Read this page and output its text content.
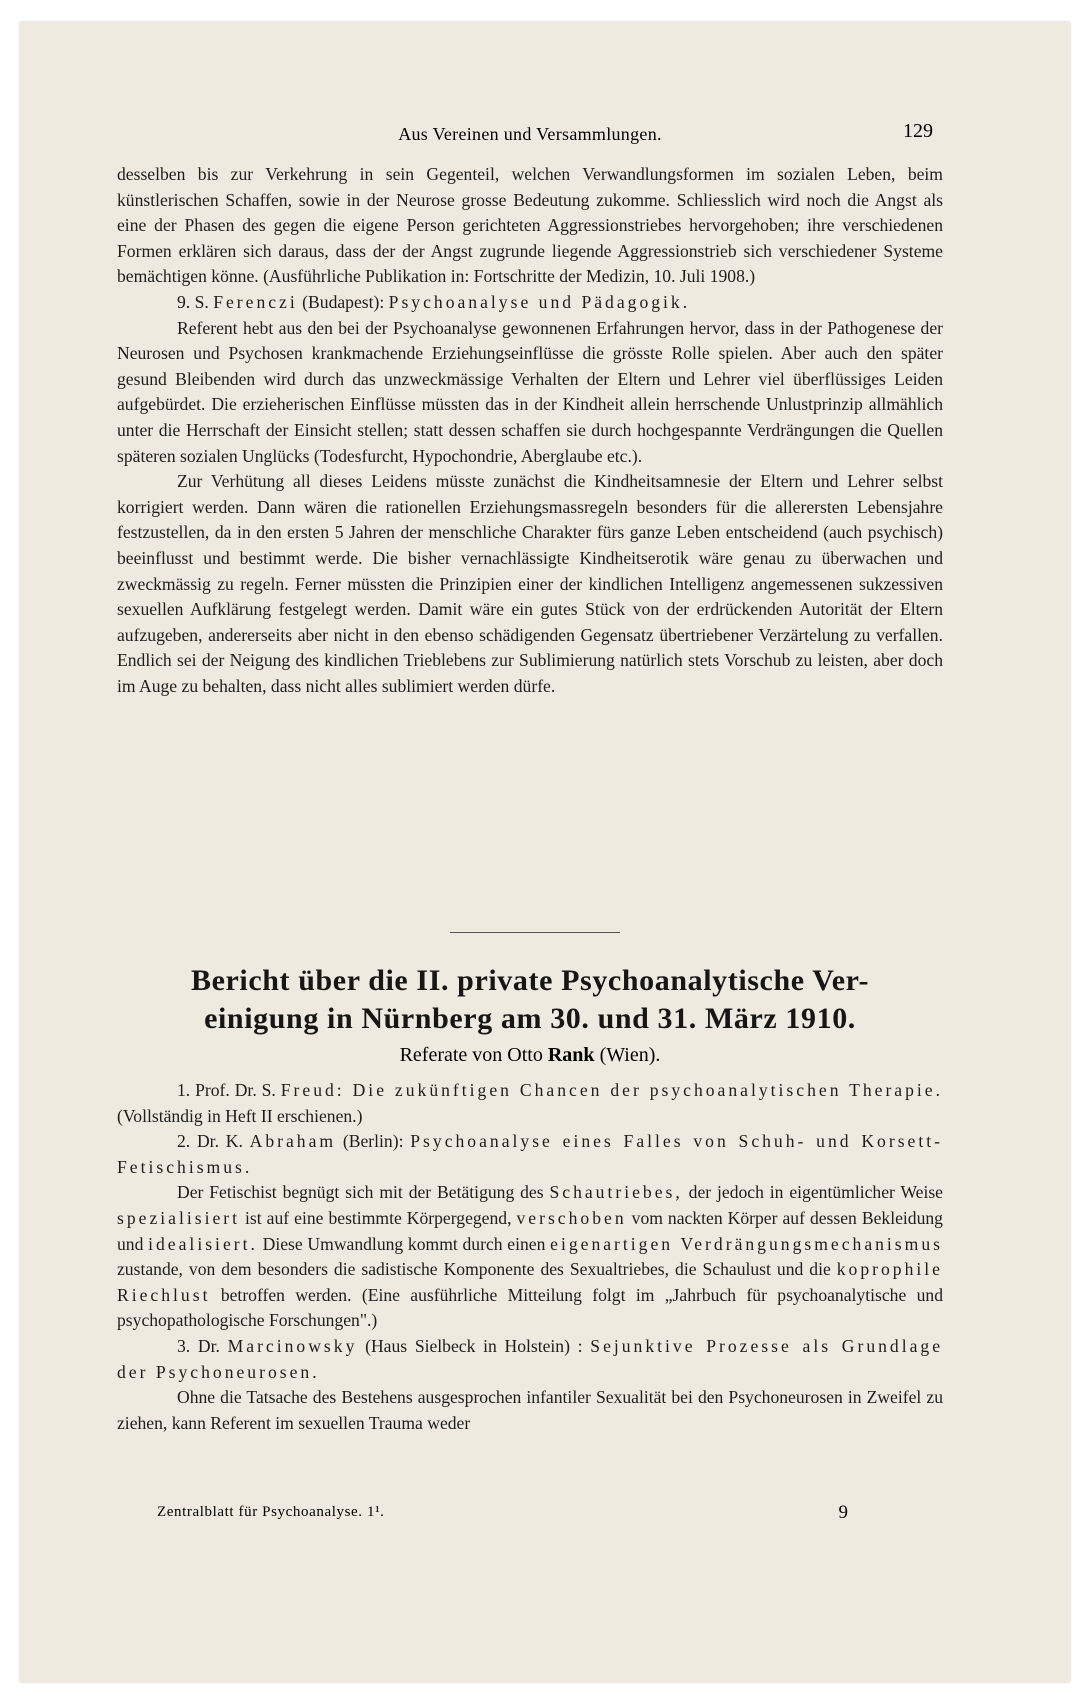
Aus Vereinen und Versammlungen.	129

desselben bis zur Verkehrung in sein Gegenteil, welchen Verwandlungsformen im sozialen Leben, beim künstlerischen Schaffen, sowie in der Neurose grosse Bedeutung zukomme. Schliesslich wird noch die Angst als eine der Phasen des gegen die eigene Person gerichteten Aggressionstriebes hervorgehoben; ihre verschiedenen Formen erklären sich daraus, dass der der Angst zugrunde liegende Aggressionstrieb sich verschiedener Systeme bemächtigen könne. (Ausführliche Publikation in: Fortschritte der Medizin, 10. Juli 1908.)

9. S. Ferenczi (Budapest): Psychoanalyse und Pädagogik.

Referent hebt aus den bei der Psychoanalyse gewonnenen Erfahrungen hervor, dass in der Pathogenese der Neurosen und Psychosen krankmachende Erziehungseinflüsse die grösste Rolle spielen. Aber auch den später gesund Bleibenden wird durch das unzweckmässige Verhalten der Eltern und Lehrer viel überflüssiges Leiden aufgebürdet. Die erzieherischen Einflüsse müssten das in der Kindheit allein herrschende Unlustprinzip allmählich unter die Herrschaft der Einsicht stellen; statt dessen schaffen sie durch hochgespannte Verdrängungen die Quellen späteren sozialen Unglücks (Todesfurcht, Hypochondrie, Aberglaube etc.).

Zur Verhütung all dieses Leidens müsste zunächst die Kindheitsamnesie der Eltern und Lehrer selbst korrigiert werden. Dann wären die rationellen Erziehungsmassregeln besonders für die allerersten Lebensjahre festzustellen, da in den ersten 5 Jahren der menschliche Charakter fürs ganze Leben entscheidend (auch psychisch) beeinflusst und bestimmt werde. Die bisher vernachlässigte Kindheitserotik wäre genau zu überwachen und zweckmässig zu regeln. Ferner müssten die Prinzipien einer der kindlichen Intelligenz angemessenen sukzessiven sexuellen Aufklärung festgelegt werden. Damit wäre ein gutes Stück von der erdrückenden Autorität der Eltern aufzugeben, andererseits aber nicht in den ebenso schädigenden Gegensatz übertriebener Verzärtelung zu verfallen. Endlich sei der Neigung des kindlichen Trieblebens zur Sublimierung natürlich stets Vorschub zu leisten, aber doch im Auge zu behalten, dass nicht alles sublimiert werden dürfe.

Bericht über die II. private Psychoanalytische Ver-
einigung in Nürnberg am 30. und 31. März 1910.
Referate von Otto Rank (Wien).

1. Prof. Dr. S. Freud: Die zukünftigen Chancen der psychoanalytischen Therapie. (Vollständig in Heft II erschienen.)

2. Dr. K. Abraham (Berlin): Psychoanalyse eines Falles von Schuh- und Korsett-Fetischismus.

Der Fetischist begnügt sich mit der Betätigung des Schautriebes, der jedoch in eigentümlicher Weise spezialisiert ist auf eine bestimmte Körpergegend, verschoben vom nackten Körper auf dessen Bekleidung und idealisiert. Diese Umwandlung kommt durch einen eigenartigen Verdrängungsmechanismus zustande, von dem besonders die sadistische Komponente des Sexualtriebes, die Schaulust und die koprophile Riechlust betroffen werden. (Eine ausführliche Mitteilung folgt im „Jahrbuch für psychoanalytische und psychopathologische Forschungen".)

3. Dr. Marcinowsky (Haus Sielbeck in Holstein) : Sejunktive Prozesse als Grundlage der Psychoneurosen.

Ohne die Tatsache des Bestehens ausgesprochen infantiler Sexualität bei den Psychoneurosen in Zweifel zu ziehen, kann Referent im sexuellen Trauma weder

Zentralblatt für Psychoanalyse. 1¹.	9
